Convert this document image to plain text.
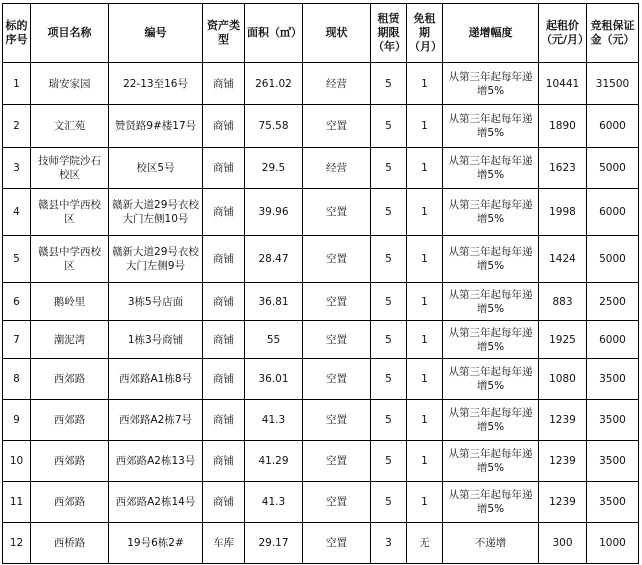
标的序号	项目名称	编号	资产类型	面积（㎡）	现状	租赁期限（年）	免租期（月）	递增幅度	起租价（元/月）	竞租保证金（元）
1	瑞安家园	22-13至16号	商铺	261.02	经营	5	1	从第三年起每年递增5%	10441	31500
2	文汇苑	赞贤路9#楼17号	商铺	75.58	空置	5	1	从第三年起每年递增5%	1890	6000
3	技师学院沙石校区	校区5号	商铺	29.5	经营	5	1	从第三年起每年递增5%	1623	5000
4	赣县中学西校区	赣新大道29号衣校大门左侧10号	商铺	39.96	空置	5	1	从第三年起每年递增5%	1998	6000
5	赣县中学西校区	赣新大道29号衣校大门左侧9号	商铺	28.47	空置	5	1	从第三年起每年递增5%	1424	5000
6	鹅岭里	3栋5号店面	商铺	36.81	空置	5	1	从第三年起每年递增5%	883	2500
7	潮泥湾	1栋3号商铺	商铺	55	空置	5	1	从第三年起每年递增5%	1925	6000
8	西郊路	西郊路A1栋8号	商铺	36.01	空置	5	1	从第三年起每年递增5%	1080	3500
9	西郊路	西郊路A2栋7号	商铺	41.3	空置	5	1	从第三年起每年递增5%	1239	3500
10	西郊路	西郊路A2栋13号	商铺	41.29	空置	5	1	从第三年起每年递增5%	1239	3500
11	西郊路	西郊路A2栋14号	商铺	41.3	空置	5	1	从第三年起每年递增5%	1239	3500
12	西桥路	19号6栋2#	车库	29.17	空置	3	无	不递增	300	1000
